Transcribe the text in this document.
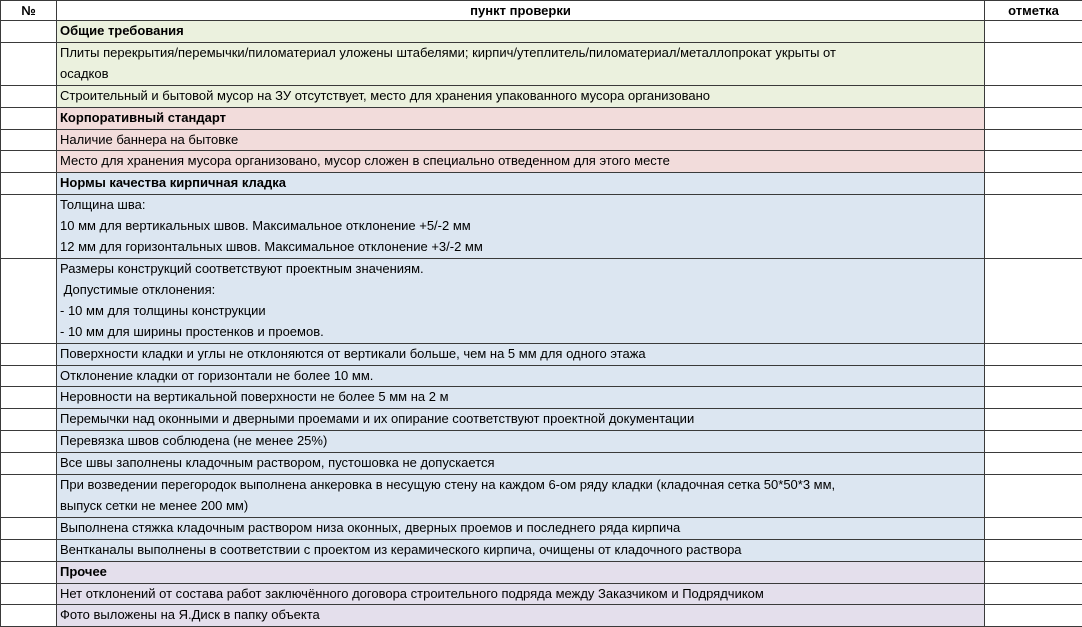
№	пункт проверки	отметка

	Общие требования	

	Плиты перекрытия/перемычки/пиломатериал уложены штабелями; кирпич/утеплитель/пиломатериал/металлопрокат укрыты от
осадков	

	Строительный и бытовой мусор на ЗУ отсутствует, место для хранения упакованного мусора организовано	

	Корпоративный стандарт	

	Наличие баннера на бытовке	

	Место для хранения мусора организовано, мусор сложен в специально отведенном для этого месте	

	Нормы качества кирпичная кладка	

	Толщина шва:
10 мм для вертикальных швов. Максимальное отклонение +5/-2 мм
12 мм для горизонтальных швов. Максимальное отклонение +3/-2 мм	

	Размеры конструкций соответствуют проектным значениям.
Допустимые отклонения:
- 10 мм для толщины конструкции
- 10 мм для ширины простенков и проемов.	

	Поверхности кладки и углы не отклоняются от вертикали больше, чем на 5 мм для одного этажа	

	Отклонение кладки от горизонтали не более 10 мм.	

	Неровности на вертикальной поверхности не более 5 мм на 2 м	

	Перемычки над оконными и дверными проемами и их опирание соответствуют проектной документации	

	Перевязка швов соблюдена (не менее 25%)	

	Все швы заполнены кладочным раствором, пустошовка не допускается	

	При возведении перегородок выполнена анкеровка в несущую стену на каждом 6-ом ряду кладки (кладочная сетка 50*50*3 мм,
выпуск сетки не менее 200 мм)	

	Выполнена стяжка кладочным раствором низа оконных, дверных проемов и последнего ряда кирпича	

	Вентканалы выполнены в соответствии с проектом из керамического кирпича, очищены от кладочного раствора	

	Прочее	

	Нет отклонений от состава работ заключённого договора строительного подряда между Заказчиком и Подрядчиком	

	Фото выложены на Я.Диск в папку объекта	
